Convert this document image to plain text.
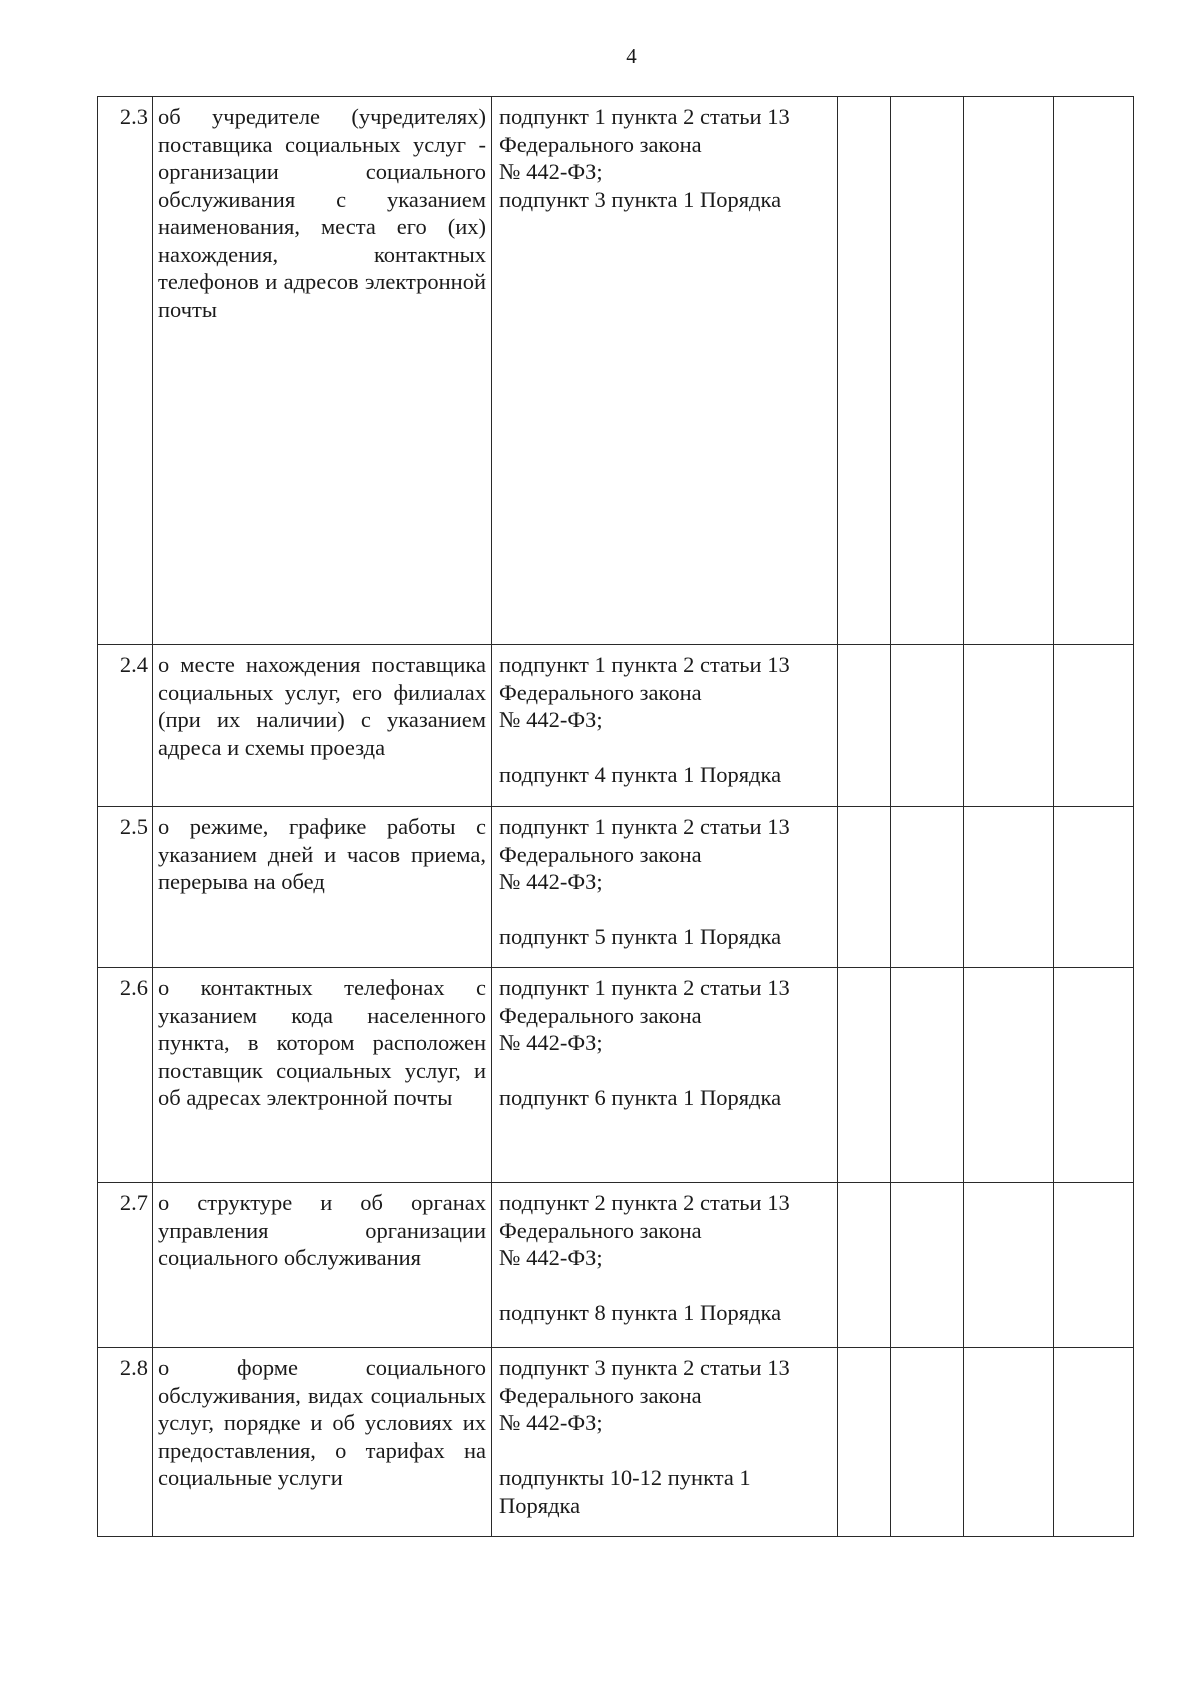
4
2.3	об учредителе (учредителях) поставщика социальных услуг - организации социального обслуживания с указанием наименования, места его (их) нахождения, контактных телефонов и адресов электронной почты	подпункт 1 пункта 2 статьи 13
Федерального закона
№ 442-ФЗ;
подпункт 3 пункта 1 Порядка				

2.4	о месте нахождения поставщика социальных услуг, его филиалах (при их наличии) с указанием адреса и схемы проезда	подпункт 1 пункта 2 статьи 13
Федерального закона
№ 442-ФЗ;
подпункт 4 пункта 1 Порядка				

2.5	о режиме, графике работы с указанием дней и часов приема, перерыва на обед	подпункт 1 пункта 2 статьи 13
Федерального закона
№ 442-ФЗ;
подпункт 5 пункта 1 Порядка				

2.6	о контактных телефонах с указанием кода населенного пункта, в котором расположен поставщик социальных услуг, и об адресах электронной почты	подпункт 1 пункта 2 статьи 13
Федерального закона
№ 442-ФЗ;
подпункт 6 пункта 1 Порядка				

2.7	о структуре и об органах управления организации социального обслуживания	подпункт 2 пункта 2 статьи 13
Федерального закона
№ 442-ФЗ;
подпункт 8 пункта 1 Порядка				

2.8	о форме социального обслуживания, видах социальных услуг, порядке и об условиях их предоставления, о тарифах на социальные услуги	подпункт 3 пункта 2 статьи 13
Федерального закона
№ 442-ФЗ;
подпункты 10-12 пункта 1
Порядка				
